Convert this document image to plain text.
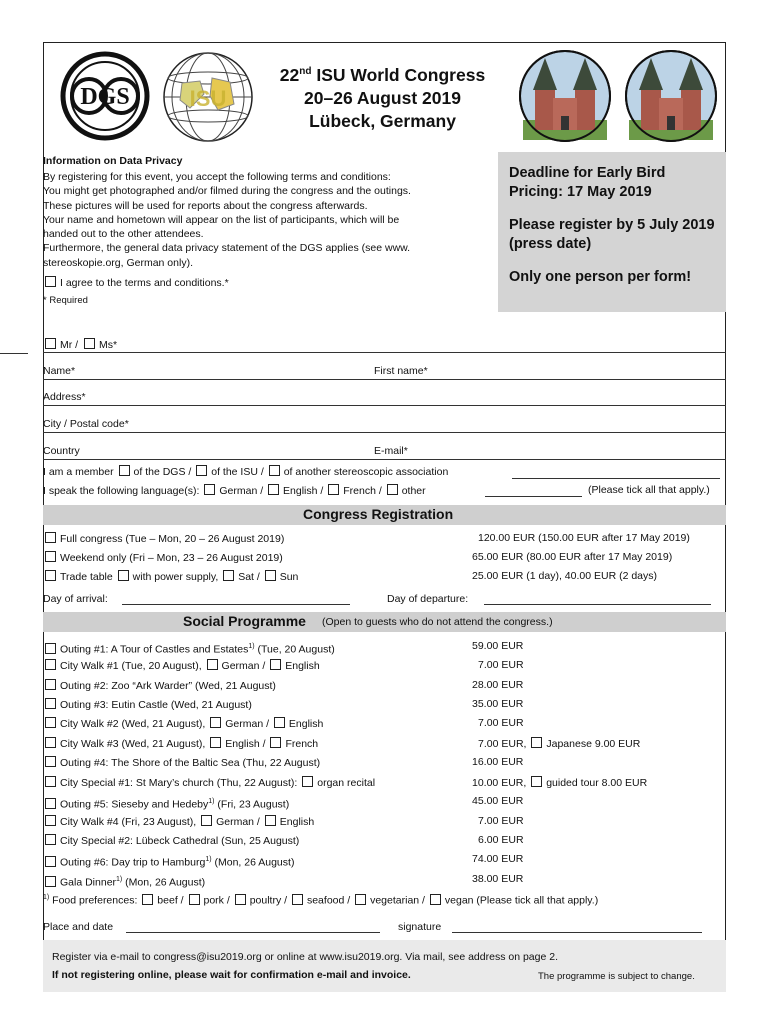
DGS	ISU
22nd ISU World Congress
20–26 August 2019
Lübeck, Germany
Information on Data Privacy
By registering for this event, you accept the following terms and conditions:
You might get photographed and/or filmed during the congress and the outings.
These pictures will be used for reports about the congress afterwards.
Your name and hometown will appear on the list of participants, which will be
handed out to the other attendees.
Furthermore, the general data privacy statement of the DGS applies (see www.
stereoskopie.org, German only).
I agree to the terms and conditions.*
* Required
Deadline for Early Bird Pricing: 17 May 2019
Please register by 5 July 2019 (press date)
Only one person per form!
Mr / Ms*
Name*	First name*
Address*
City / Postal code*
Country	E-mail*
I am a member of the DGS / of the ISU / of another stereoscopic association
I speak the following language(s): German / English / French / other	(Please tick all that apply.)
Congress Registration
Full congress (Tue – Mon, 20 – 26 August 2019)	120.00 EUR (150.00 EUR after 17 May 2019)
Weekend only (Fri – Mon, 23 – 26 August 2019)	65.00 EUR (80.00 EUR after 17 May 2019)
Trade table with power supply, Sat / Sun	25.00 EUR (1 day), 40.00 EUR (2 days)
Day of arrival:	Day of departure:
Social Programme (Open to guests who do not attend the congress.)
Outing #1: A Tour of Castles and Estates$^{1)}$ (Tue, 20 August)	59.00 EUR
City Walk #1 (Tue, 20 August), German / English	7.00 EUR
Outing #2: Zoo “Ark Warder” (Wed, 21 August)	28.00 EUR
Outing #3: Eutin Castle (Wed, 21 August)	35.00 EUR
City Walk #2 (Wed, 21 August), German / English	7.00 EUR
City Walk #3 (Wed, 21 August), English / French	7.00 EUR, Japanese 9.00 EUR
Outing #4: The Shore of the Baltic Sea (Thu, 22 August)	16.00 EUR
City Special #1: St Mary’s church (Thu, 22 August): organ recital	10.00 EUR, guided tour 8.00 EUR
Outing #5: Sieseby and Hedeby$^{1)}$ (Fri, 23 August)	45.00 EUR
City Walk #4 (Fri, 23 August), German / English	7.00 EUR
City Special #2: Lübeck Cathedral (Sun, 25 August)	6.00 EUR
Outing #6: Day trip to Hamburg$^{1)}$ (Mon, 26 August)	74.00 EUR
Gala Dinner$^{1)}$ (Mon, 26 August)	38.00 EUR
$^{1)}$ Food preferences: beef / pork / poultry / seafood / vegetarian / vegan (Please tick all that apply.)
Place and date	signature
Register via e-mail to congress@isu2019.org or online at www.isu2019.org. Via mail, see address on page 2.
If not registering online, please wait for confirmation e-mail and invoice.	The programme is subject to change.
